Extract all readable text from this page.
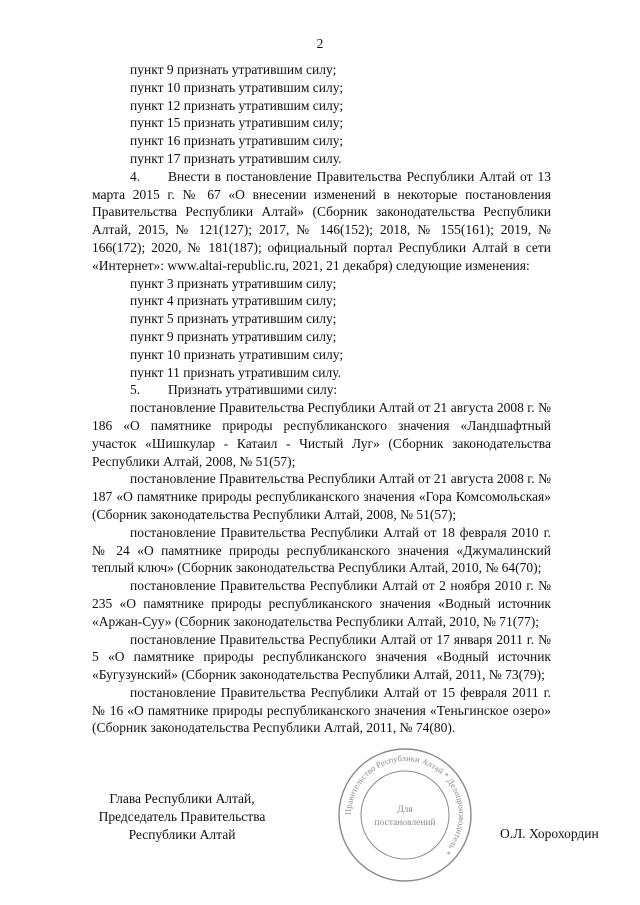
2

пункт 9 признать утратившим силу;

пункт 10 признать утратившим силу;

пункт 12 признать утратившим силу;

пункт 15 признать утратившим силу;

пункт 16 признать утратившим силу;

пункт 17 признать утратившим силу.

4. Внести в постановление Правительства Республики Алтай от 13 марта 2015 г. № 67 «О внесении изменений в некоторые постановления Правительства Республики Алтай» (Сборник законодательства Республики Алтай, 2015, № 121(127); 2017, № 146(152); 2018, № 155(161); 2019, № 166(172); 2020, № 181(187); официальный портал Республики Алтай в сети «Интернет»: www.altai-republic.ru, 2021, 21 декабря) следующие изменения:

пункт 3 признать утратившим силу;

пункт 4 признать утратившим силу;

пункт 5 признать утратившим силу;

пункт 9 признать утратившим силу;

пункт 10 признать утратившим силу;

пункт 11 признать утратившим силу.

5. Признать утратившими силу:

постановление Правительства Республики Алтай от 21 августа 2008 г. № 186 «О памятнике природы республиканского значения «Ландшафтный участок «Шишкулар - Катаил - Чистый Луг» (Сборник законодательства Республики Алтай, 2008, № 51(57);

постановление Правительства Республики Алтай от 21 августа 2008 г. № 187 «О памятнике природы республиканского значения «Гора Комсомольская» (Сборник законодательства Республики Алтай, 2008, № 51(57);

постановление Правительства Республики Алтай от 18 февраля 2010 г. № 24 «О памятнике природы республиканского значения «Джумалинский теплый ключ» (Сборник законодательства Республики Алтай, 2010, № 64(70);

постановление Правительства Республики Алтай от 2 ноября 2010 г. № 235 «О памятнике природы республиканского значения «Водный источник «Аржан-Суу» (Сборник законодательства Республики Алтай, 2010, № 71(77);

постановление Правительства Республики Алтай от 17 января 2011 г. № 5 «О памятнике природы республиканского значения «Водный источник «Бугузунский» (Сборник законодательства Республики Алтай, 2011, № 73(79);

постановление Правительства Республики Алтай от 15 февраля 2011 г. № 16 «О памятнике природы республиканского значения «Теньгинское озеро» (Сборник законодательства Республики Алтай, 2011, № 74(80).

Глава Республики Алтай,
Председатель Правительства
Республики Алтай	О.Л. Хорохордин
Правительство Республики Алтай * Делопроизводитель *
Для
постановлений
